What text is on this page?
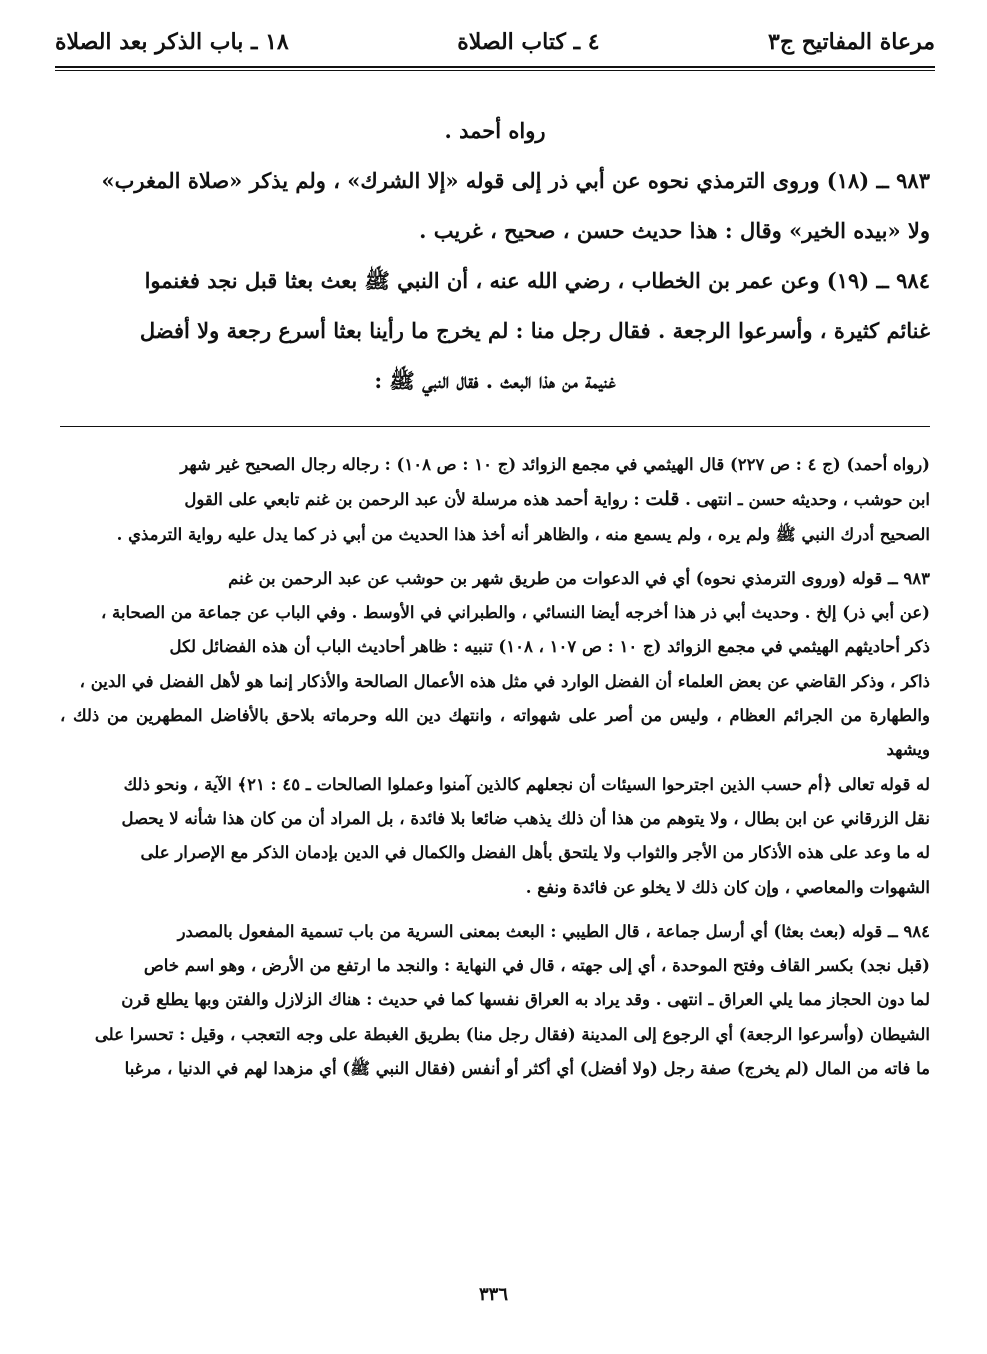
مرعاة المفاتيح ج٣
٤ ـ كتاب الصلاة
١٨ ـ باب الذكر بعد الصلاة

رواه أحمد .

٩٨٣ ــ (١٨) وروى الترمذي نحوه عن أبي ذر إلى قوله «إلا الشرك» ، ولم يذكر «صلاة المغرب»

ولا «بيده الخير» وقال : هذا حديث حسن ، صحيح ، غريب .

٩٨٤ ــ (١٩) وعن عمر بن الخطاب ، رضي الله عنه ، أن النبي ﷺ بعث بعثا قبل نجد فغنموا

غنائم كثيرة ، وأسرعوا الرجعة . فقال رجل منا : لم يخرج ما رأينا بعثا أسرع رجعة ولا أفضل

غنيمة من هذا البعث . فقال النبي ﷺ :

(رواه أحمد) (ج ٤ : ص ٢٢٧) قال الهيثمي في مجمع الزوائد (ج ١٠ : ص ١٠٨) : رجاله رجال الصحيح غير شهر

ابن حوشب ، وحديثه حسن ـ انتهى . قلت : رواية أحمد هذه مرسلة لأن عبد الرحمن بن غنم تابعي على القول

الصحيح أدرك النبي ﷺ ولم يره ، ولم يسمع منه ، والظاهر أنه أخذ هذا الحديث من أبي ذر كما يدل عليه رواية الترمذي .

٩٨٣ ــ قوله (وروى الترمذي نحوه) أي في الدعوات من طريق شهر بن حوشب عن عبد الرحمن بن غنم

(عن أبي ذر) إلخ . وحديث أبي ذر هذا أخرجه أيضا النسائي ، والطبراني في الأوسط . وفي الباب عن جماعة من الصحابة ،

ذكر أحاديثهم الهيثمي في مجمع الزوائد (ج ١٠ : ص ١٠٧ ، ١٠٨) تنبيه : ظاهر أحاديث الباب أن هذه الفضائل لكل

ذاكر ، وذكر القاضي عن بعض العلماء أن الفضل الوارد في مثل هذه الأعمال الصالحة والأذكار إنما هو لأهل الفضل في الدين ،

والطهارة من الجرائم العظام ، وليس من أصر على شهواته ، وانتهك دين الله وحرماته بلاحق بالأفاضل المطهرين من ذلك ، ويشهد

له قوله تعالى ﴿أم حسب الذين اجترحوا السيئات أن نجعلهم كالذين آمنوا وعملوا الصالحات ـ ٤٥ : ٢١﴾ الآية ، ونحو ذلك

نقل الزرقاني عن ابن بطال ، ولا يتوهم من هذا أن ذلك يذهب ضائعا بلا فائدة ، بل المراد أن من كان هذا شأنه لا يحصل

له ما وعد على هذه الأذكار من الأجر والثواب ولا يلتحق بأهل الفضل والكمال في الدين بإدمان الذكر مع الإصرار على

الشهوات والمعاصي ، وإن كان ذلك لا يخلو عن فائدة ونفع .

٩٨٤ ــ قوله (بعث بعثا) أي أرسل جماعة ، قال الطيبي : البعث بمعنى السرية من باب تسمية المفعول بالمصدر

(قبل نجد) بكسر القاف وفتح الموحدة ، أي إلى جهته ، قال في النهاية : والنجد ما ارتفع من الأرض ، وهو اسم خاص

لما دون الحجاز مما يلي العراق ـ انتهى . وقد يراد به العراق نفسها كما في حديث : هناك الزلازل والفتن وبها يطلع قرن

الشيطان (وأسرعوا الرجعة) أي الرجوع إلى المدينة (فقال رجل منا) بطريق الغبطة على وجه التعجب ، وقيل : تحسرا على

ما فاته من المال (لم يخرج) صفة رجل (ولا أفضل) أي أكثر أو أنفس (فقال النبي ﷺ) أي مزهدا لهم في الدنيا ، مرغبا

٣٣٦
